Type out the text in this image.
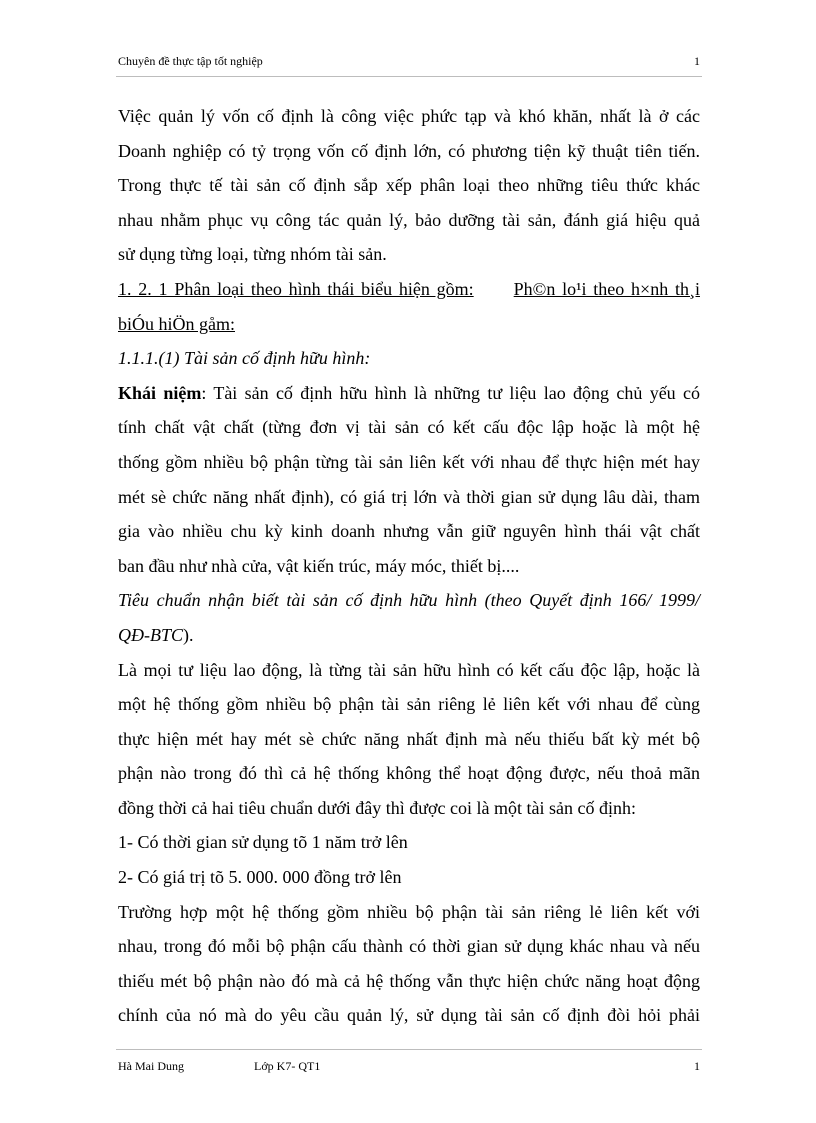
Chuyên đề thực tập tốt nghiệp	1

Việc quản lý vốn cố định là công việc phức tạp và khó khăn, nhất là ở các

Doanh nghiệp có tỷ trọng vốn cố định lớn, có phương tiện kỹ thuật tiên tiến.

Trong thực tế tài sản cố định sắp xếp phân loại theo những tiêu thức khác

nhau nhằm phục vụ công tác quản lý, bảo dưỡng tài sản, đánh giá hiệu quả

sử dụng từng loại, từng nhóm tài sản.

1. 2. 1 Phân loại theo hình thái biểu hiện gồm: Ph©n lo¹i theo h×nh th¸i

biÓu hiÖn gåm:

1.1.1.(1) Tài sản cố định hữu hình:

Khái niệm: Tài sản cố định hữu hình là những tư liệu lao động chủ yếu có

tính chất vật chất (từng đơn vị tài sản có kết cấu độc lập hoặc là một hệ

thống gồm nhiều bộ phận từng tài sản liên kết với nhau để thực hiện mét hay

mét sè chức năng nhất định), có giá trị lớn và thời gian sử dụng lâu dài, tham

gia vào nhiều chu kỳ kinh doanh nhưng vẫn giữ nguyên hình thái vật chất

ban đầu như nhà cửa, vật kiến trúc, máy móc, thiết bị....

Tiêu chuẩn nhận biết tài sản cố định hữu hình (theo Quyết định 166/ 1999/

QĐ-BTC).

Là mọi tư liệu lao động, là từng tài sản hữu hình có kết cấu độc lập, hoặc là

một hệ thống gồm nhiều bộ phận tài sản riêng lẻ liên kết với nhau để cùng

thực hiện mét hay mét sè chức năng nhất định mà nếu thiếu bất kỳ mét bộ

phận nào trong đó thì cả hệ thống không thể hoạt động được, nếu thoả mãn

đồng thời cả hai tiêu chuẩn dưới đây thì được coi là một tài sản cố định:

1- Có thời gian sử dụng tõ 1 năm trở lên

2- Có giá trị tõ 5. 000. 000 đồng trở lên

Trường hợp một hệ thống gồm nhiều bộ phận tài sản riêng lẻ liên kết với

nhau, trong đó mỗi bộ phận cấu thành có thời gian sử dụng khác nhau và nếu

thiếu mét bộ phận nào đó mà cả hệ thống vẫn thực hiện chức năng hoạt động

chính của nó mà do yêu cầu quản lý, sử dụng tài sản cố định đòi hỏi phải

Hà Mai Dung	Lớp K7- QT1	1
